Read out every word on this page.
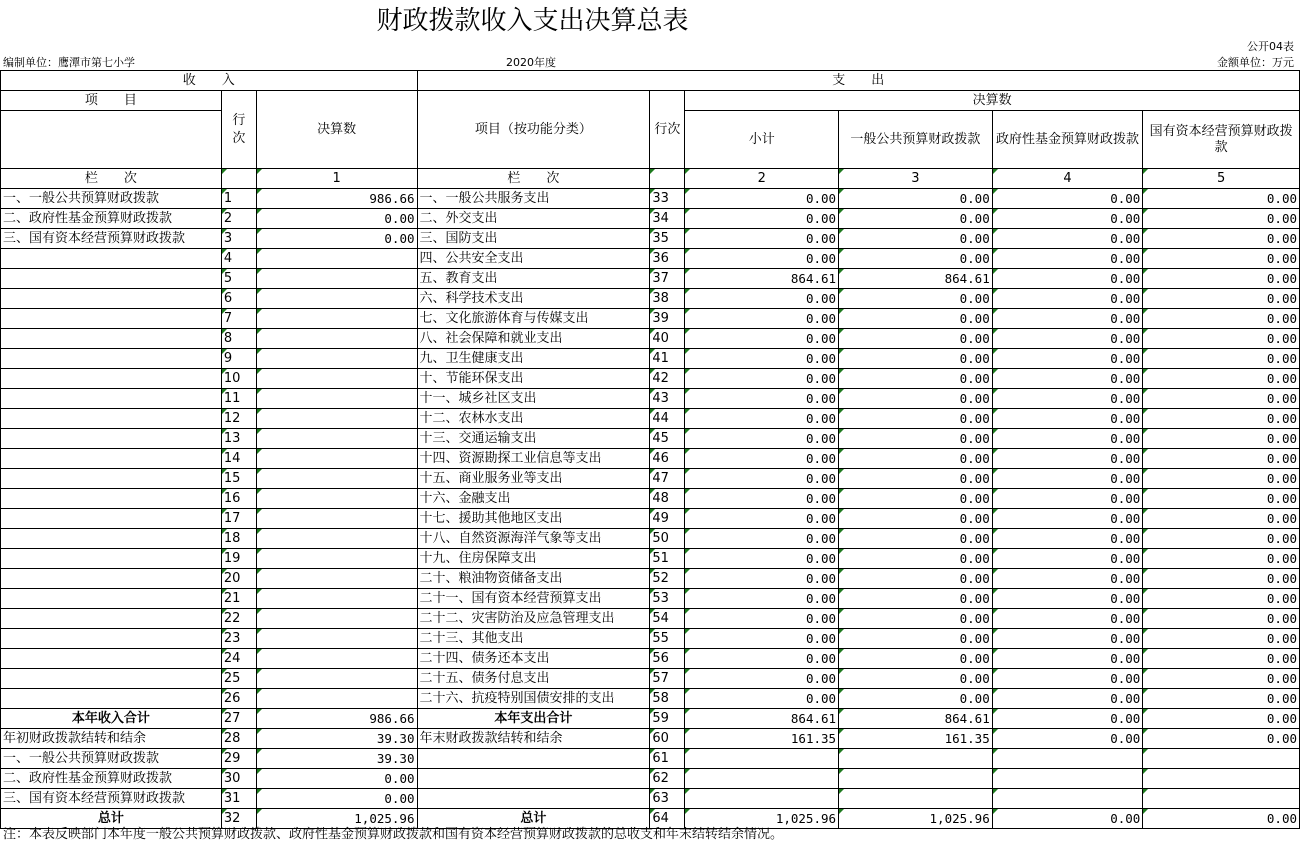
财政拨款收入支出决算总表
公开04表
编制单位：鹰潭市第七小学	2020年度	金额单位：万元
收　　入			支　　出					
项　　目	行次	决算数	项目（按功能分类）	行次	决算数			
					小计	一般公共预算财政拨款	政府性基金预算财政拨款	国有资本经营预算财政拨款
栏　　次		1	栏　　次		2	3	4	5
一、一般公共预算财政拨款	1	986.66	一、一般公共服务支出	33	0.00	0.00	0.00	0.00
二、政府性基金预算财政拨款	2	0.00	二、外交支出	34	0.00	0.00	0.00	0.00
三、国有资本经营预算财政拨款	3	0.00	三、国防支出	35	0.00	0.00	0.00	0.00
	4		四、公共安全支出	36	0.00	0.00	0.00	0.00
	5		五、教育支出	37	864.61	864.61	0.00	0.00
	6		六、科学技术支出	38	0.00	0.00	0.00	0.00
	7		七、文化旅游体育与传媒支出	39	0.00	0.00	0.00	0.00
	8		八、社会保障和就业支出	40	0.00	0.00	0.00	0.00
	9		九、卫生健康支出	41	0.00	0.00	0.00	0.00
	10		十、节能环保支出	42	0.00	0.00	0.00	0.00
	11		十一、城乡社区支出	43	0.00	0.00	0.00	0.00
	12		十二、农林水支出	44	0.00	0.00	0.00	0.00
	13		十三、交通运输支出	45	0.00	0.00	0.00	0.00
	14		十四、资源勘探工业信息等支出	46	0.00	0.00	0.00	0.00
	15		十五、商业服务业等支出	47	0.00	0.00	0.00	0.00
	16		十六、金融支出	48	0.00	0.00	0.00	0.00
	17		十七、援助其他地区支出	49	0.00	0.00	0.00	0.00
	18		十八、自然资源海洋气象等支出	50	0.00	0.00	0.00	0.00
	19		十九、住房保障支出	51	0.00	0.00	0.00	0.00
	20		二十、粮油物资储备支出	52	0.00	0.00	0.00	0.00
	21		二十一、国有资本经营预算支出	53	0.00	0.00	0.00	0.00
	22		二十二、灾害防治及应急管理支出	54	0.00	0.00	0.00	0.00
	23		二十三、其他支出	55	0.00	0.00	0.00	0.00
	24		二十四、债务还本支出	56	0.00	0.00	0.00	0.00
	25		二十五、债务付息支出	57	0.00	0.00	0.00	0.00
	26		二十六、抗疫特别国债安排的支出	58	0.00	0.00	0.00	0.00
本年收入合计	27	986.66	本年支出合计	59	864.61	864.61	0.00	0.00
年初财政拨款结转和结余	28	39.30	年末财政拨款结转和结余	60	161.35	161.35	0.00	0.00
一、一般公共预算财政拨款	29	39.30		61				
二、政府性基金预算财政拨款	30	0.00		62				
三、国有资本经营预算财政拨款	31	0.00		63				
总计	32	1,025.96	总计	64	1,025.96	1,025.96	0.00	0.00
注：本表反映部门本年度一般公共预算财政拨款、政府性基金预算财政拨款和国有资本经营预算财政拨款的总收支和年末结转结余情况。
